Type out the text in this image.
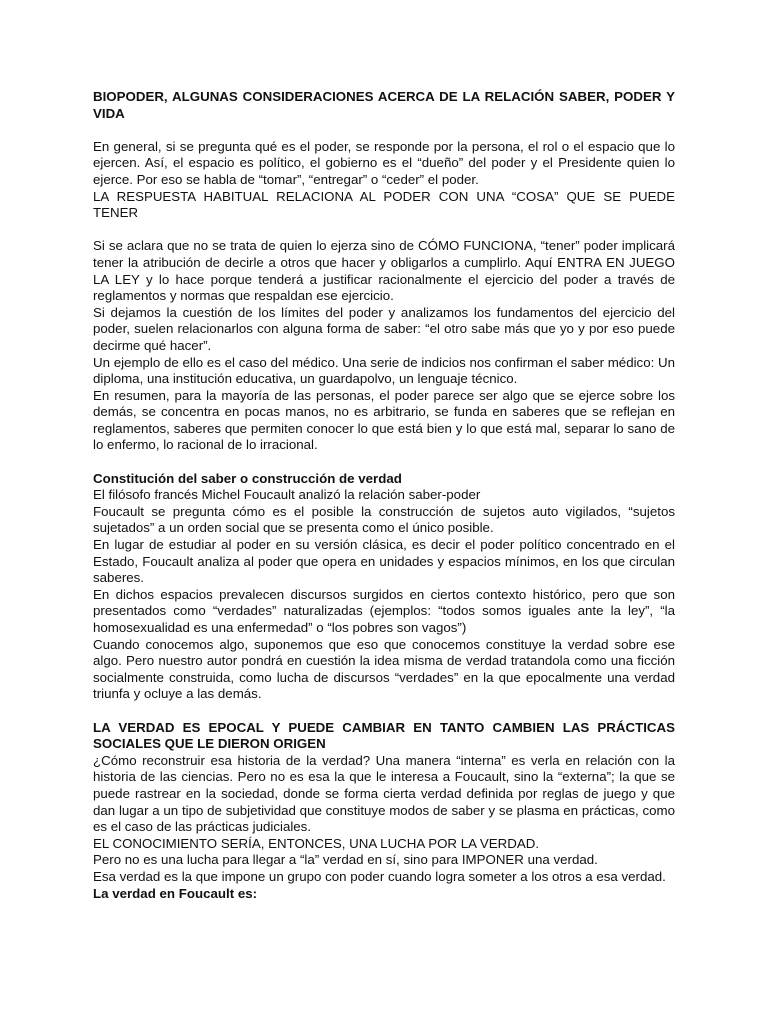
BIOPODER, ALGUNAS CONSIDERACIONES ACERCA DE LA RELACIÓN SABER, PODER Y VIDA

En general, si se pregunta qué es el poder, se responde por la persona, el rol o el espacio que lo ejercen. Así, el espacio es político, el gobierno es el “dueño” del poder y el Presidente quien lo ejerce. Por eso se habla de “tomar”, “entregar” o “ceder” el poder.

LA RESPUESTA HABITUAL RELACIONA AL PODER CON UNA “COSA” QUE SE PUEDE TENER

Si se aclara que no se trata de quien lo ejerza sino de CÓMO FUNCIONA, “tener” poder implicará tener la atribución de decirle a otros que hacer y obligarlos a cumplirlo. Aquí ENTRA EN JUEGO LA LEY y lo hace porque tenderá a justificar racionalmente el ejercicio del poder a través de reglamentos y normas que respaldan ese ejercicio.

Si dejamos la cuestión de los límites del poder y analizamos los fundamentos del ejercicio del poder, suelen relacionarlos con alguna forma de saber: “el otro sabe más que yo y por eso puede decirme qué hacer”.

Un ejemplo de ello es el caso del médico. Una serie de indicios nos confirman el saber médico: Un diploma, una institución educativa, un guardapolvo, un lenguaje técnico.

En resumen, para la mayoría de las personas, el poder parece ser algo que se ejerce sobre los demás, se concentra en pocas manos, no es arbitrario, se funda en saberes que se reflejan en reglamentos, saberes que permiten conocer lo que está bien y lo que está mal, separar lo sano de lo enfermo, lo racional de lo irracional.

Constitución del saber o construcción de verdad

El filósofo francés Michel Foucault analizó la relación saber-poder

Foucault se pregunta cómo es el posible la construcción de sujetos auto vigilados, “sujetos sujetados” a un orden social que se presenta como el único posible.

En lugar de estudiar al poder en su versión clásica, es decir el poder político concentrado en el Estado, Foucault analiza al poder que opera en unidades y espacios mínimos, en los que circulan saberes.

En dichos espacios prevalecen discursos surgidos en ciertos contexto histórico, pero que son presentados como “verdades” naturalizadas (ejemplos: “todos somos iguales ante la ley”, “la homosexualidad es una enfermedad” o “los pobres son vagos”)

Cuando conocemos algo, suponemos que eso que conocemos constituye la verdad sobre ese algo. Pero nuestro autor pondrá en cuestión la idea misma de verdad tratandola como una ficción socialmente construida, como lucha de discursos “verdades” en la que epocalmente una verdad triunfa y ocluye a las demás.

LA VERDAD ES EPOCAL Y PUEDE CAMBIAR EN TANTO CAMBIEN LAS PRÁCTICAS SOCIALES QUE LE DIERON ORIGEN

¿Cómo reconstruir esa historia de la verdad? Una manera “interna” es verla en relación con la historia de las ciencias. Pero no es esa la que le interesa a Foucault, sino la “externa”; la que se puede rastrear en la sociedad, donde se forma cierta verdad definida por reglas de juego y que dan lugar a un tipo de subjetividad que constituye modos de saber y se plasma en prácticas, como es el caso de las prácticas judiciales.

EL CONOCIMIENTO SERÍA, ENTONCES, UNA LUCHA POR LA VERDAD.

Pero no es una lucha para llegar a “la” verdad en sí, sino para IMPONER una verdad.

Esa verdad es la que impone un grupo con poder cuando logra someter a los otros a esa verdad.

La verdad en Foucault es:
